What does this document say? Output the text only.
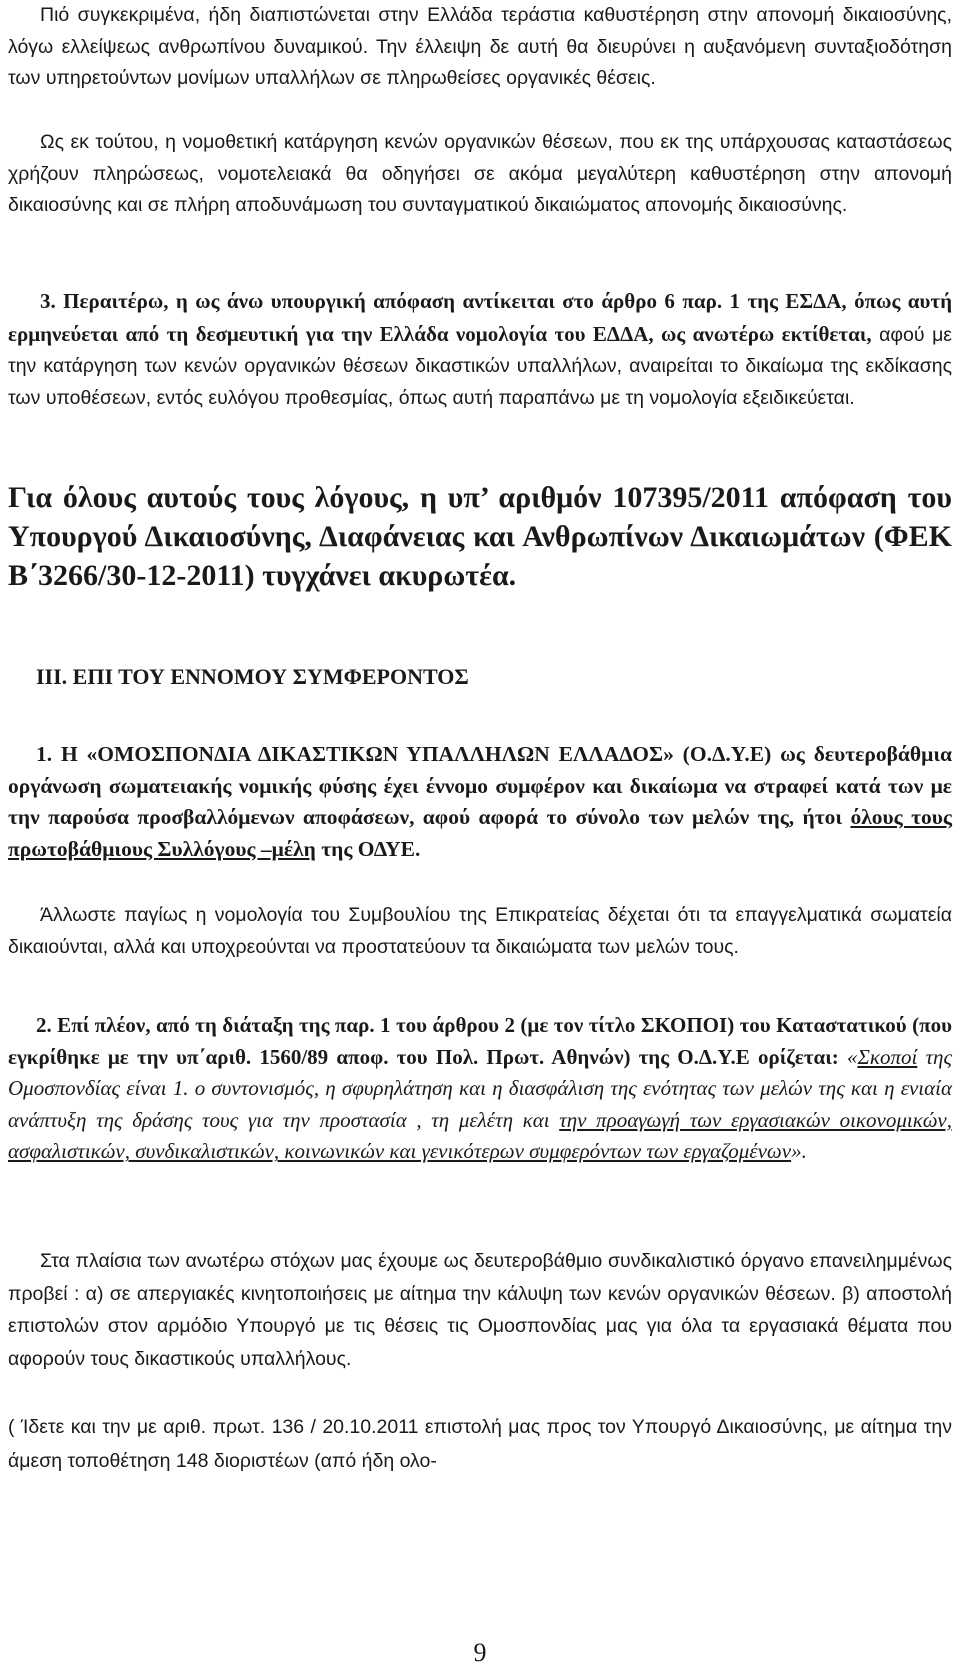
Πιό συγκεκριμένα, ήδη διαπιστώνεται στην Ελλάδα τεράστια καθυστέρηση στην απονομή δικαιοσύνης, λόγω ελλείψεως ανθρωπίνου δυναμικού. Την έλλειψη δε αυτή θα διευρύνει η αυξανόμενη συνταξιοδότηση των υπηρετούντων μονίμων υπαλλήλων σε πληρωθείσες οργανικές θέσεις.

Ως εκ τούτου, η νομοθετική κατάργηση κενών οργανικών θέσεων, που εκ της υπάρχουσας καταστάσεως χρήζουν πληρώσεως, νομοτελειακά θα οδηγήσει σε ακόμα μεγαλύτερη καθυστέρηση στην απονομή δικαιοσύνης και σε πλήρη αποδυνάμωση του συνταγματικού δικαιώματος απονομής δικαιοσύνης.

3. Περαιτέρω, η ως άνω υπουργική απόφαση αντίκειται στο άρθρο 6 παρ. 1 της ΕΣΔΑ, όπως αυτή ερμηνεύεται από τη δεσμευτική για την Ελλάδα νομολογία του ΕΔΔΑ, ως ανωτέρω εκτίθεται, αφού με την κατάργηση των κενών οργανικών θέσεων δικαστικών υπαλλήλων, αναιρείται το δικαίωμα της εκδίκασης των υποθέσεων, εντός ευλόγου προθεσμίας, όπως αυτή παραπάνω με τη νομολογία εξειδικεύεται.

Για όλους αυτούς τους λόγους, η υπ’ αριθμόν 107395/2011 απόφαση του Υπουργού Δικαιοσύνης, Διαφάνειας και Ανθρωπίνων Δικαιωμάτων (ΦΕΚ Β΄3266/30-12-2011) τυγχάνει ακυρωτέα.

ΙΙΙ. ΕΠΙ ΤΟΥ ΕΝΝΟΜΟΥ ΣΥΜΦΕΡΟΝΤΟΣ

1. Η «ΟΜΟΣΠΟΝΔΙΑ ΔΙΚΑΣΤΙΚΩΝ ΥΠΑΛΛΗΛΩΝ ΕΛΛΑΔΟΣ» (Ο.Δ.Υ.Ε) ως δευτεροβάθμια οργάνωση σωματειακής νομικής φύσης έχει έννομο συμφέρον και δικαίωμα να στραφεί κατά των με την παρούσα προσβαλλόμενων αποφάσεων, αφού αφορά το σύνολο των μελών της, ήτοι όλους τους πρωτοβάθμιους Συλλόγους –μέλη της ΟΔΥΕ.

Άλλωστε παγίως η νομολογία του Συμβουλίου της Επικρατείας δέχεται ότι τα επαγγελματικά σωματεία δικαιούνται, αλλά και υποχρεούνται να προστατεύουν τα δικαιώματα των μελών τους.

2. Επί πλέον, από τη διάταξη της παρ. 1 του άρθρου 2 (με τον τίτλο ΣΚΟΠΟΙ) του Καταστατικού (που εγκρίθηκε με την υπ΄αριθ. 1560/89 αποφ. του Πολ. Πρωτ. Αθηνών) της Ο.Δ.Υ.Ε ορίζεται: «Σκοποί της Ομοσπονδίας είναι 1. ο συντονισμός, η σφυρηλάτηση και η διασφάλιση της ενότητας των μελών της και η ενιαία ανάπτυξη της δράσης τους για την προστασία , τη μελέτη και την προαγωγή των εργασιακών οικονομικών, ασφαλιστικών, συνδικαλιστικών, κοινωνικών και γενικότερων συμφερόντων των εργαζομένων».

Στα πλαίσια των ανωτέρω στόχων μας έχουμε ως δευτεροβάθμιο συνδικαλιστικό όργανο επανειλημμένως προβεί : α) σε απεργιακές κινητοποιήσεις με αίτημα την κάλυψη των κενών οργανικών θέσεων. β) αποστολή επιστολών στον αρμόδιο Υπουργό με τις θέσεις τις Ομοσπονδίας μας για όλα τα εργασιακά θέματα που αφορούν τους δικαστικούς υπαλλήλους.

( Ίδετε και την με αριθ. πρωτ. 136 / 20.10.2011 επιστολή μας προς τον Υπουργό Δικαιοσύνης, με αίτημα την άμεση τοποθέτηση 148 διοριστέων (από ήδη ολο-

9
